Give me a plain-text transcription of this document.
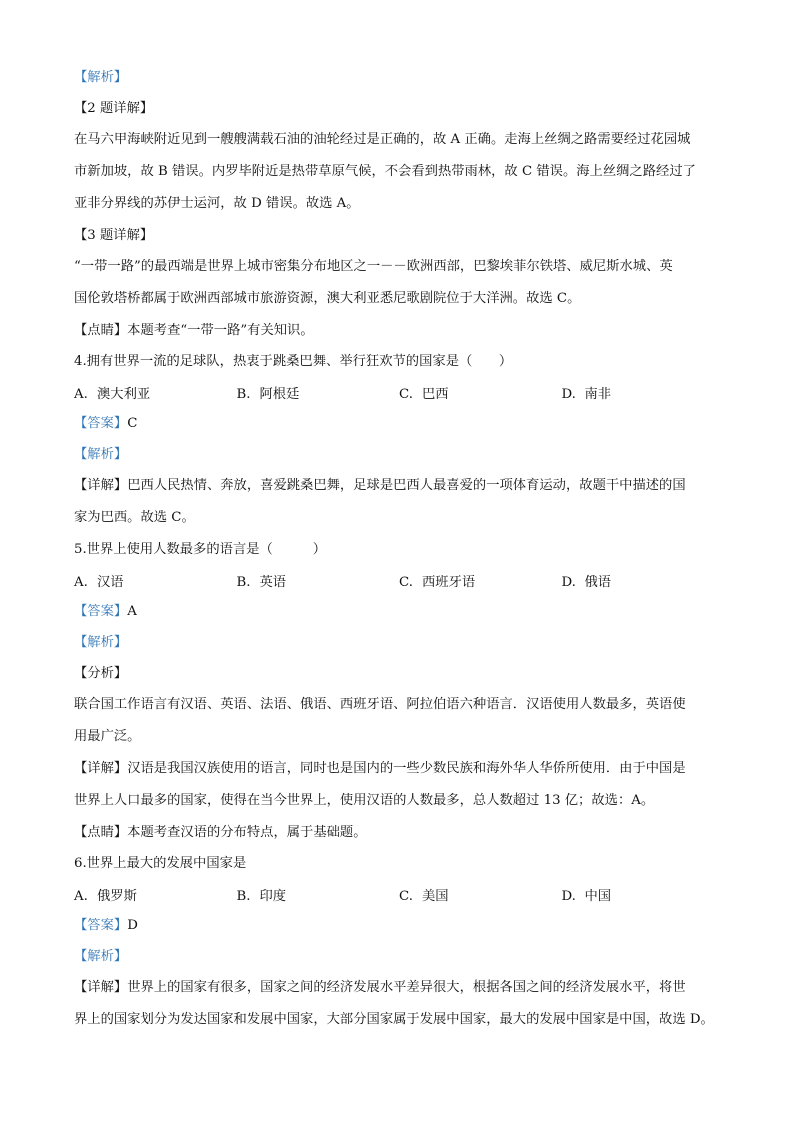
【解析】
【2 题详解】
在马六甲海峡附近见到一艘艘满载石油的油轮经过是正确的，故 A 正确。走海上丝绸之路需要经过花园城
市新加坡，故 B 错误。内罗毕附近是热带草原气候，不会看到热带雨林，故 C 错误。海上丝绸之路经过了
亚非分界线的苏伊士运河，故 D 错误。故选 A。
【3 题详解】
“一带一路”的最西端是世界上城市密集分布地区之一－－欧洲西部，巴黎埃菲尔铁塔、威尼斯水城、英
国伦敦塔桥都属于欧洲西部城市旅游资源，澳大利亚悉尼歌剧院位于大洋洲。故选 C。
【点睛】本题考查“一带一路”有关知识。
4.拥有世界一流的足球队，热衷于跳桑巴舞、举行狂欢节的国家是（　　）
A. 澳大利亚	B. 阿根廷	C. 巴西	D. 南非
【答案】C
【解析】
【详解】巴西人民热情、奔放，喜爱跳桑巴舞，足球是巴西人最喜爱的一项体育运动，故题干中描述的国
家为巴西。故选 C。
5.世界上使用人数最多的语言是（　　　）
A. 汉语	B. 英语	C. 西班牙语	D. 俄语
【答案】A
【解析】
【分析】
联合国工作语言有汉语、英语、法语、俄语、西班牙语、阿拉伯语六种语言．汉语使用人数最多，英语使
用最广泛。
【详解】汉语是我国汉族使用的语言，同时也是国内的一些少数民族和海外华人华侨所使用．由于中国是
世界上人口最多的国家，使得在当今世界上，使用汉语的人数最多，总人数超过 13 亿；故选：A。
【点睛】本题考查汉语的分布特点，属于基础题。
6.世界上最大的发展中国家是
A. 俄罗斯	B. 印度	C. 美国	D. 中国
【答案】D
【解析】
【详解】世界上的国家有很多，国家之间的经济发展水平差异很大，根据各国之间的经济发展水平，将世
界上的国家划分为发达国家和发展中国家，大部分国家属于发展中国家，最大的发展中国家是中国，故选 D。
